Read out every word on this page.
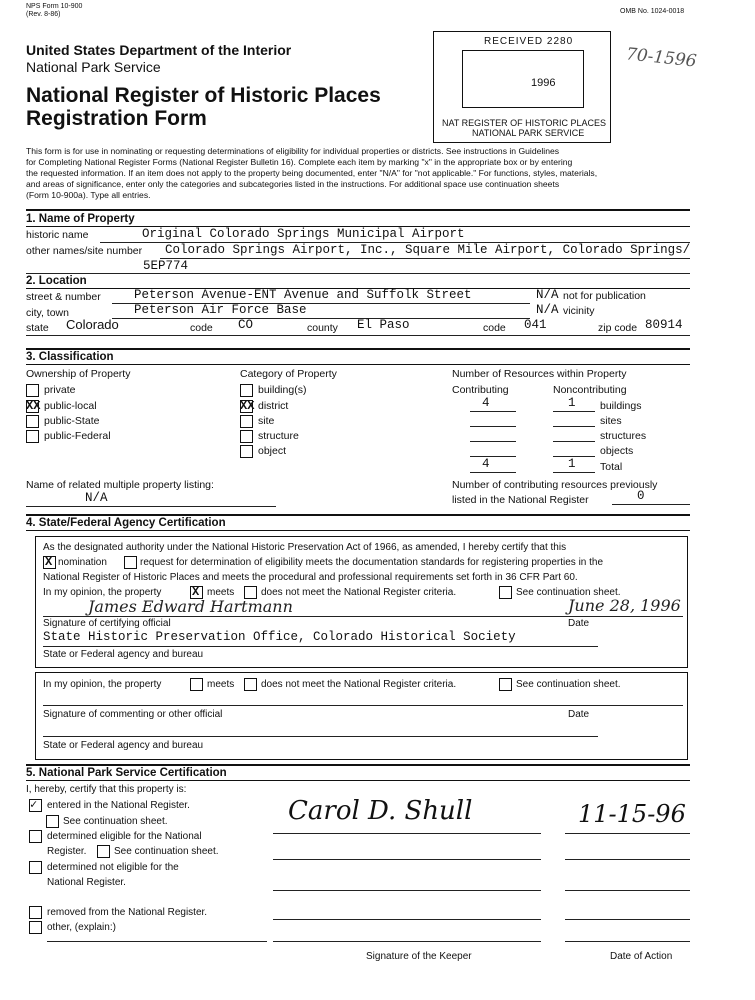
NPS Form 10-900
(Rev. 8-86)	OMB No. 1024-0018
United States Department of the Interior
National Park Service
National Register of Historic Places
Registration Form
RECEIVED 2280
1996
NAT REGISTER OF HISTORIC PLACES
NATIONAL PARK SERVICE
70-1596
This form is for use in nominating or requesting determinations of eligibility for individual properties or districts. See instructions in Guidelines
for Completing National Register Forms (National Register Bulletin 16). Complete each item by marking "x" in the appropriate box or by entering
the requested information. If an item does not apply to the property being documented, enter "N/A" for "not applicable." For functions, styles, materials,
and areas of significance, enter only the categories and subcategories listed in the instructions. For additional space use continuation sheets
(Form 10-900a). Type all entries.
1. Name of Property
historic name	Original Colorado Springs Municipal Airport
other names/site number Colorado Springs Airport, Inc., Square Mile Airport, Colorado Springs/
5EP774
2. Location
street & number	Peterson Avenue-ENT Avenue and Suffolk Street	N/A not for publication
city, town	Peterson Air Force Base	N/A vicinity
state Colorado	code CO	county El Paso	code 041	zip code 80914
3. Classification
Ownership of Property
private
XX public-local
public-State
public-Federal
Category of Property
building(s)
XX district
site
structure
object
Number of Resources within Property
Contributing	Noncontributing
4	1 buildings
sites
structures
objects
4	1 Total
Name of related multiple property listing:
N/A
Number of contributing resources previously
listed in the National Register	0
4. State/Federal Agency Certification
As the designated authority under the National Historic Preservation Act of 1966, as amended, I hereby certify that this
X nomination	request for determination of eligibility meets the documentation standards for registering properties in the
National Register of Historic Places and meets the procedural and professional requirements set forth in 36 CFR Part 60.
In my opinion, the property	X meets	does not meet the National Register criteria.	See continuation sheet.
James Edward Hartmann	June 28, 1996
Signature of certifying official	Date
State Historic Preservation Office, Colorado Historical Society
State or Federal agency and bureau
In my opinion, the property	meets	does not meet the National Register criteria.	See continuation sheet.
Signature of commenting or other official	Date
State or Federal agency and bureau
5. National Park Service Certification
I, hereby, certify that this property is:
✓ entered in the National Register.
See continuation sheet.
determined eligible for the National
Register.	See continuation sheet.
determined not eligible for the
National Register.
removed from the National Register.
other, (explain:)
Carol D. Shull	11-15-96
Signature of the Keeper	Date of Action
